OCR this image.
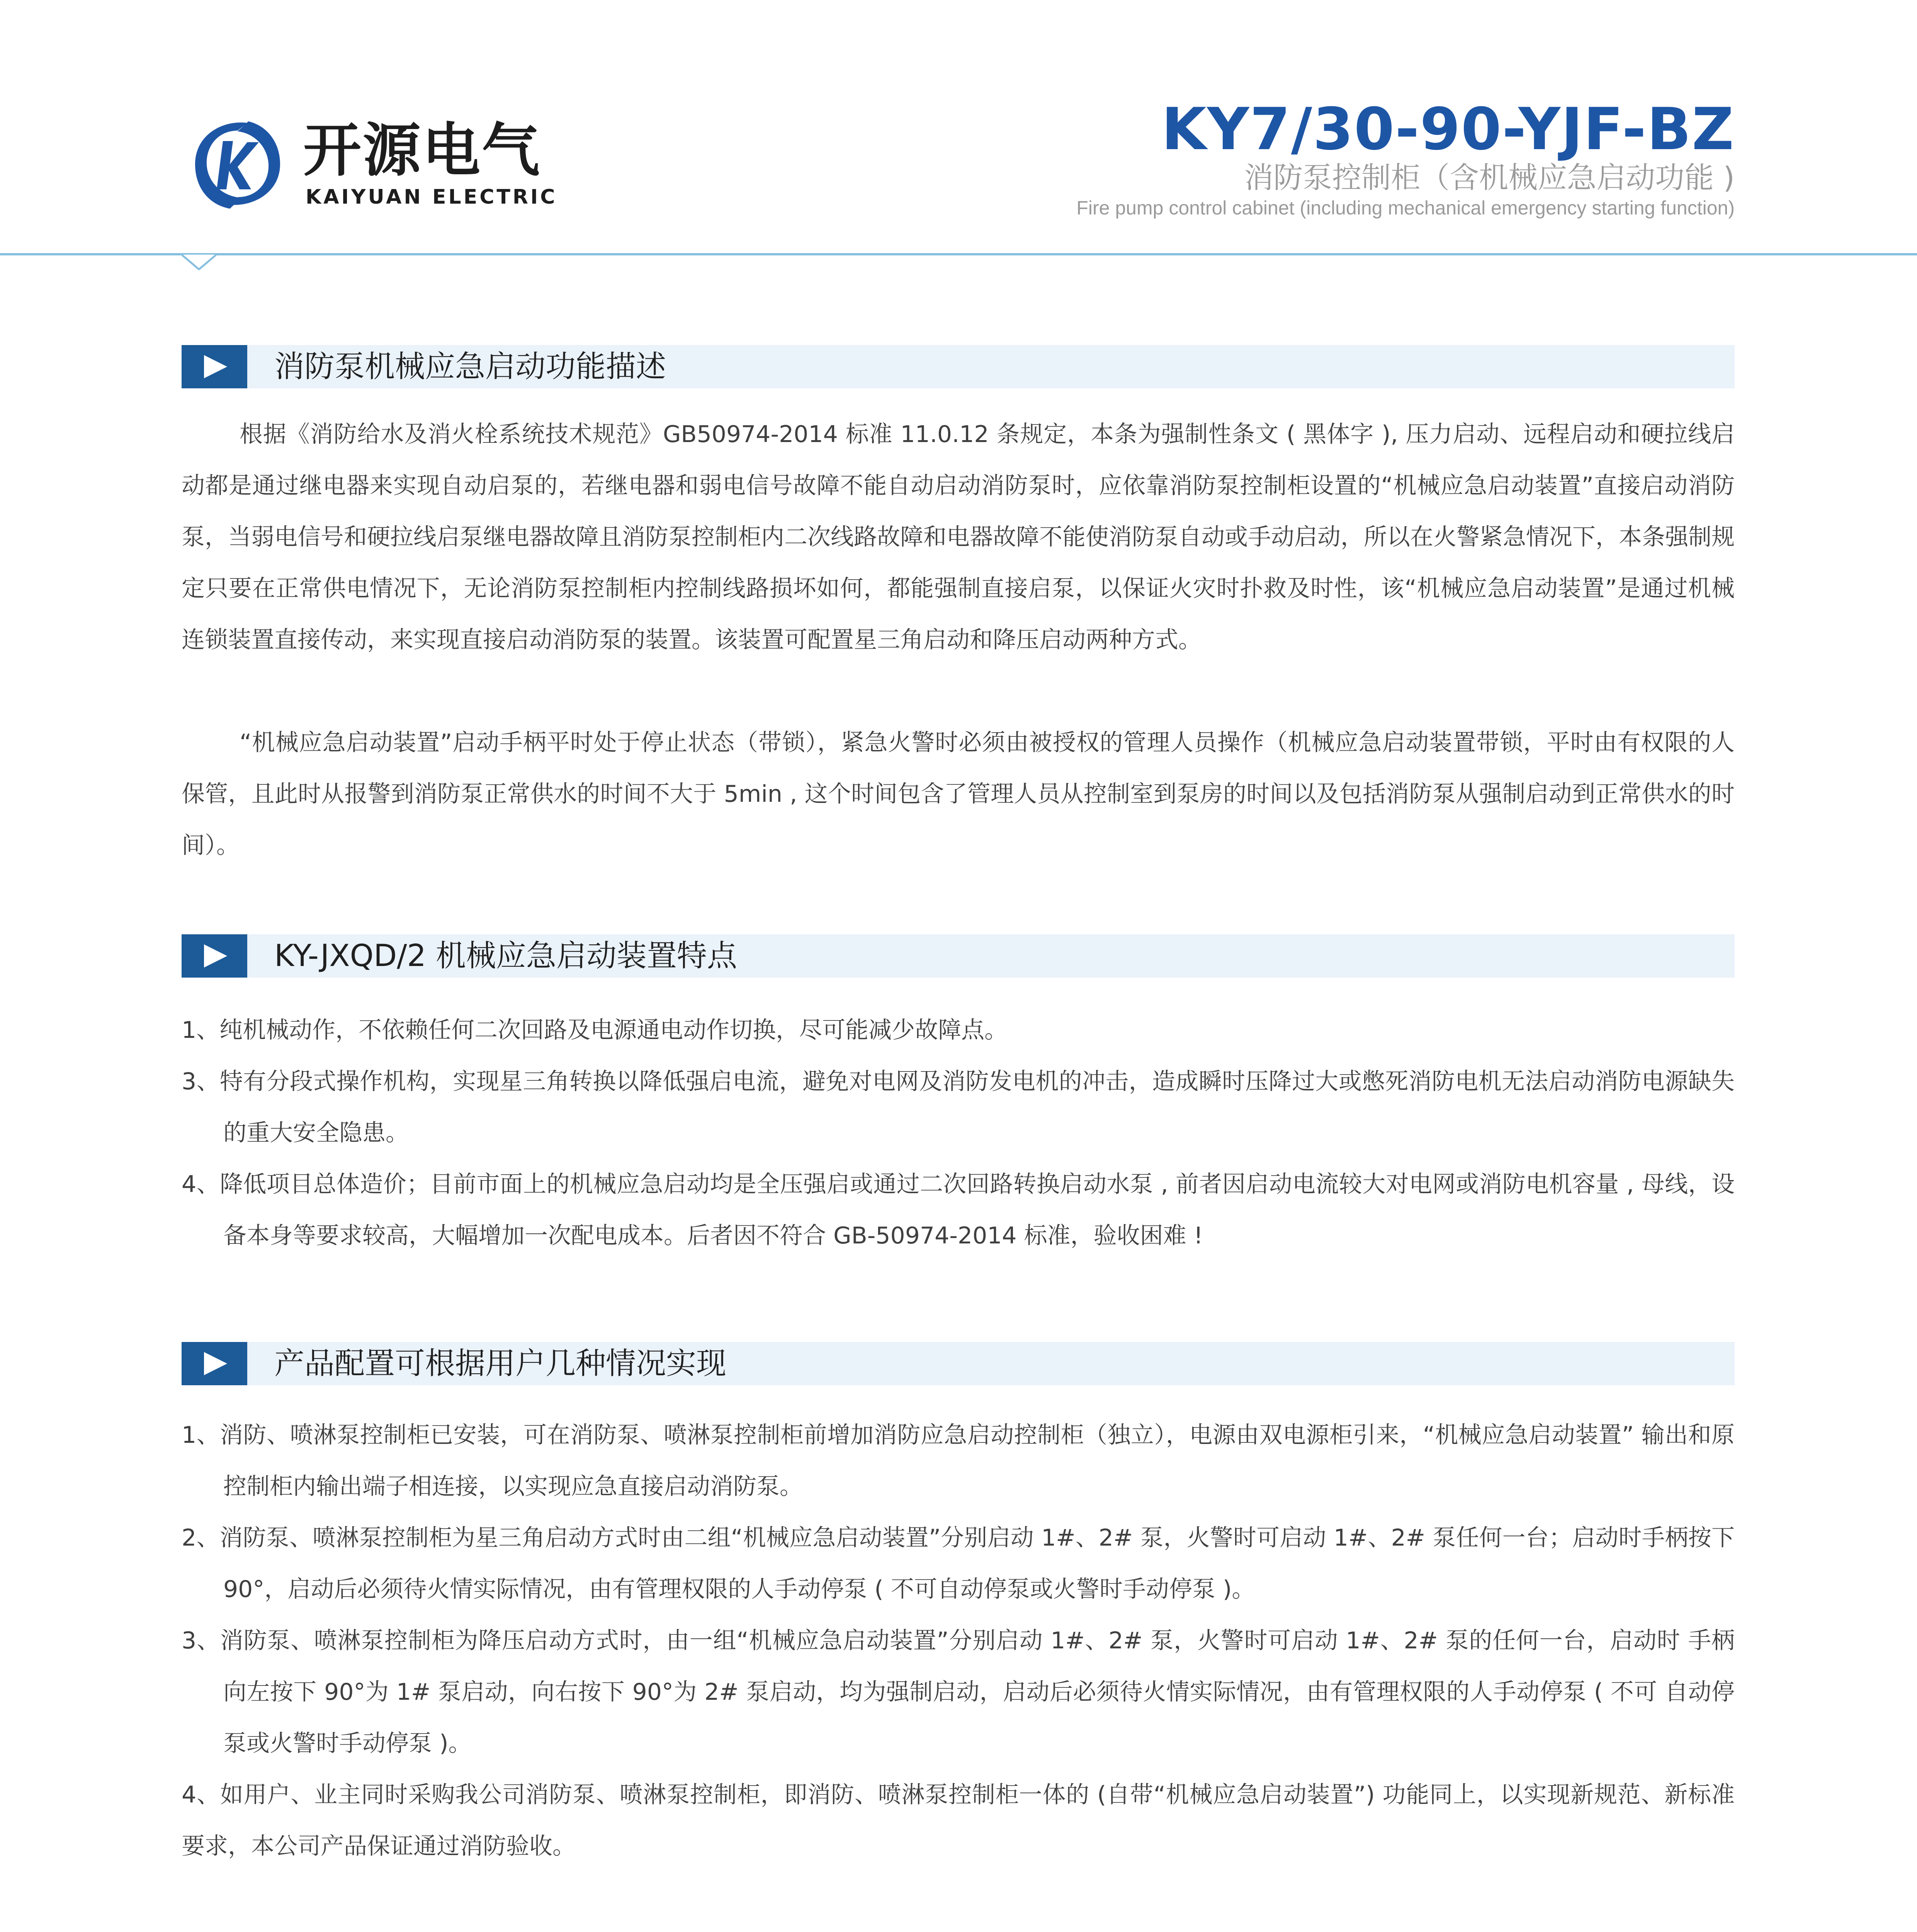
开源电气
KAIYUAN ELECTRIC
KY7/30-90-YJF-BZ
消防泵控制柜（含机械应急启动功能 )
Fire pump control cabinet (including mechanical emergency starting function)
消防泵机械应急启动功能描述

根据《消防给水及消火栓系统技术规范》GB50974-2014 标准 11.0.12 条规定，本条为强制性条文 ( 黑体字 ), 压力启动、远程启动和硬拉线启动都是通过继电器来实现自动启泵的，若继电器和弱电信号故障不能自动启动消防泵时，应依靠消防泵控制柜设置的“机械应急启动装置”直接启动消防泵，当弱电信号和硬拉线启泵继电器故障且消防泵控制柜内二次线路故障和电器故障不能使消防泵自动或手动启动，所以在火警紧急情况下，本条强制规定只要在正常供电情况下，无论消防泵控制柜内控制线路损坏如何，都能强制直接启泵，以保证火灾时扑救及时性，该“机械应急启动装置”是通过机械连锁装置直接传动，来实现直接启动消防泵的装置。该装置可配置星三角启动和降压启动两种方式。

“机械应急启动装置”启动手柄平时处于停止状态（带锁），紧急火警时必须由被授权的管理人员操作（机械应急启动装置带锁，平时由有权限的人保管，且此时从报警到消防泵正常供水的时间不大于 5min , 这个时间包含了管理人员从控制室到泵房的时间以及包括消防泵从强制启动到正常供水的时间）。

KY-JXQD/2 机械应急启动装置特点
1、纯机械动作，不依赖任何二次回路及电源通电动作切换，尽可能减少故障点。
3、特有分段式操作机构，实现星三角转换以降低强启电流，避免对电网及消防发电机的冲击，造成瞬时压降过大或憋死消防电机无法启动消防电源缺失的重大安全隐患。
4、降低项目总体造价；目前市面上的机械应急启动均是全压强启或通过二次回路转换启动水泵 , 前者因启动电流较大对电网或消防电机容量 , 母线，设备本身等要求较高，大幅增加一次配电成本。后者因不符合 GB-50974-2014 标准，验收困难 !
产品配置可根据用户几种情况实现
1、消防、喷淋泵控制柜已安装，可在消防泵、喷淋泵控制柜前增加消防应急启动控制柜（独立），电源由双电源柜引来，“机械应急启动装置” 输出和原控制柜内输出端子相连接，以实现应急直接启动消防泵。
2、消防泵、喷淋泵控制柜为星三角启动方式时由二组“机械应急启动装置”分别启动 1#、2# 泵，火警时可启动 1#、2# 泵任何一台；启动时手柄按下 90°，启动后必须待火情实际情况，由有管理权限的人手动停泵 ( 不可自动停泵或火警时手动停泵 )。
3、消防泵、喷淋泵控制柜为降压启动方式时，由一组“机械应急启动装置”分别启动 1#、2# 泵，火警时可启动 1#、2# 泵的任何一台，启动时 手柄向左按下 90°为 1# 泵启动，向右按下 90°为 2# 泵启动，均为强制启动，启动后必须待火情实际情况，由有管理权限的人手动停泵 ( 不可 自动停泵或火警时手动停泵 )。
4、如用户、业主同时采购我公司消防泵、喷淋泵控制柜，即消防、喷淋泵控制柜一体的 (自带“机械应急启动装置”) 功能同上，以实现新规范、新标准要求，本公司产品保证通过消防验收。
